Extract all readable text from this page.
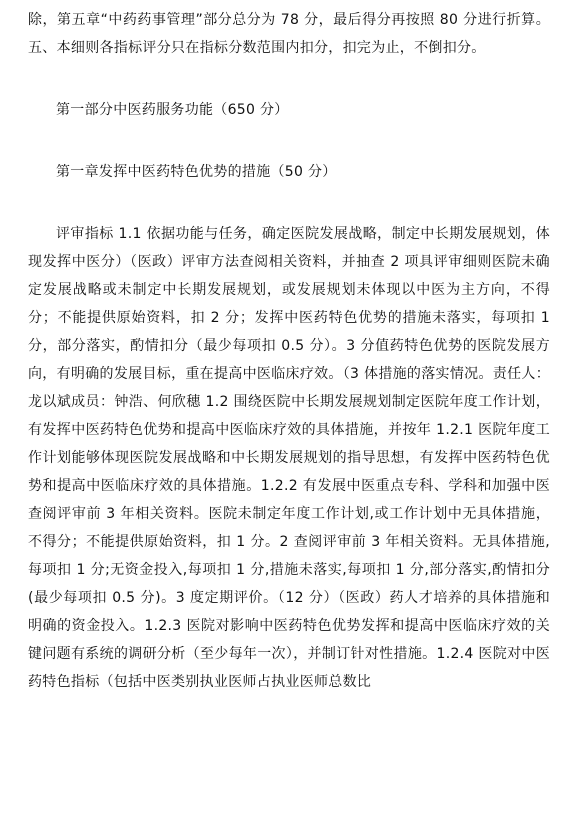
除，第五章“中药药事管理”部分总分为 78 分，最后得分再按照 80 分进行折算。五、本细则各指标评分只在指标分数范围内扣分，扣完为止，不倒扣分。

第一部分中医药服务功能（650 分）

第一章发挥中医药特色优势的措施（50 分）

评审指标 1.1 依据功能与任务，确定医院发展战略，制定中长期发展规划，体现发挥中医分）（医政）评审方法查阅相关资料，并抽查 2 项具评审细则医院未确定发展战略或未制定中长期发展规划，或发展规划未体现以中医为主方向，不得分；不能提供原始资料，扣 2 分；发挥中医药特色优势的措施未落实，每项扣 1 分，部分落实，酌情扣分（最少每项扣 0.5 分）。3 分值药特色优势的医院发展方向，有明确的发展目标，重在提高中医临床疗效。（3 体措施的落实情况。责任人：龙以斌成员：钟浩、何欣穗 1.2 围绕医院中长期发展规划制定医院年度工作计划，有发挥中医药特色优势和提高中医临床疗效的具体措施，并按年 1.2.1 医院年度工作计划能够体现医院发展战略和中长期发展规划的指导思想，有发挥中医药特色优势和提高中医临床疗效的具体措施。1.2.2 有发展中医重点专科、学科和加强中医查阅评审前 3 年相关资料。医院未制定年度工作计划,或工作计划中无具体措施，不得分；不能提供原始资料，扣 1 分。2 查阅评审前 3 年相关资料。无具体措施,每项扣 1 分;无资金投入,每项扣 1 分,措施未落实,每项扣 1 分,部分落实,酌情扣分(最少每项扣 0.5 分)。3 度定期评价。（12 分）（医政）药人才培养的具体措施和明确的资金投入。1.2.3 医院对影响中医药特色优势发挥和提高中医临床疗效的关键问题有系统的调研分析（至少每年一次），并制订针对性措施。1.2.4 医院对中医药特色指标（包括中医类别执业医师占执业医师总数比
